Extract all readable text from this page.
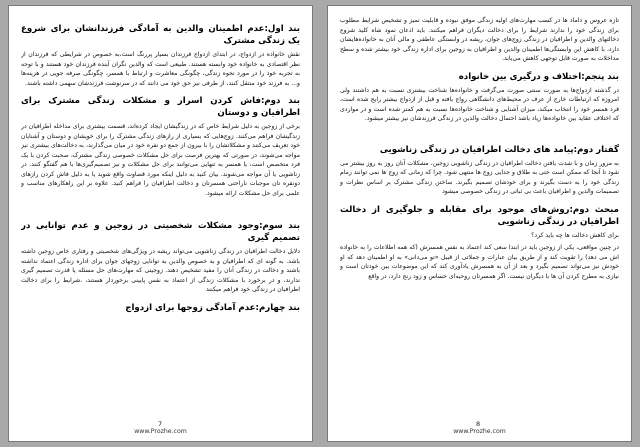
بند اول:عدم اطمینان والدین به آمادگی فرزندانشان برای شروع یک زندگی مشترک

نقش خانواده در ازدواج، در ابتدای ازدواج فرزندان بسیار پررنگ است،به خصوص در شرایطی که فرزندان از نظر اقتصادی به خانواده خود وابسته هستند. طبیعی است که والدین نگران آینده فرزندان خود هستند و با توجه به تجربه خود را در مورد نحوه زندگی، چگونگی معاشرت و ارتباط با همسر، چگونگی صرفه جویی در هزینه‌ها و... به فرزند خود منتقل کنند، از طرفی نیز حق خود می دانند که در سرنوشت فرزندشان سهمی داشته باشند.

بند دوم:فاش کردن اسرار و مشکلات زندگی مشترک برای اطرافیان و دوستان

برخی از زوجین به دلیل شرایط خاص که در زندگیشان ایجاد کرده‌اند، قسمت بیشتری برای مداخله اطرافیان در زندگیشان فراهم می‌کنند. زوج‌هایی که بسیاری از رازهای زندگی مشترک را برای خویشان و دوستان و آشنایان خود تعریف می‌کنند و مشکلاتشان را با بیرون از جمع دو نفره خود در میان می‌گذارند، به دخالت‌های بیشتری نیز مواجه می‌شوند، در صورتی که بهترین فرصت برای حل مشکلات خصوصی زندگی مشترک، صحبت کردن با یک فرد متخصص است، یا همسر به تنهایی می‌توانند برای حل مشکلات و نیز تصمیم‌گیری‌ها با هم گفتگو کنند. در زناشویی یا آن مواجه می‌شوند. بیان کنید به دلیل اینکه مورد قضاوت واقع شوید یا به دلیل فاش کردن رازهای دونفره تان موجبات ناراحتی همسرتان و دخالت اطرافیان را فراهم کنید. علاوه بر این راهکارهای مناسب و علمی برای حل مشکلات ارائه میشود.

بند سوم:وجود مشکلات شخصیتی در زوجین و عدم توانایی در تصمیم گیری

دلایل دخالت اطرافیان در زندگی زناشویی می‌تواند ریشه در ویژگی‌های شخصیتی و رفتاری خاص زوجین داشته باشد. به گونه ای که اطرافیان و به خصوص والدین به توانایی زوجهای جوان برای اداره زندگی اعتماد نداشته باشند و دخالت در زندگی آنان را مفید تشخیص دهند. زوجینی که مهارت‌های حل مسئله یا قدرت تصمیم گیری ندارند، و در برخورد با مشکلات زندگی از اعتماد به نفس پایینی برخوردار هستند، .شرایط را برای دخالت اطرافیان در زندگی خود فراهم میکنند

بند چهارم:عدم آمادگی زوجها برای ازدواج
7
www.Prozhe.com

تازه عروس و داماد ها در کسب مهارت‌های اولیه زندگی موفق نبوده و قابلیت تمیز و تشخیص شرایط مطلوب برای زندگی خود را ندارند شرایط را برای دخالت دیگران فراهم میکنند. باید اذعان نمود شاه کلید شروع دخالتهای والدین و اطرافیان در زندگی زوج‌های جوان، ریشه در وابستگی عاطفی و مالی آنان به خانواده‌هایشان دارد، با کاهش این وابستگی‌ها اطمینان والدین و اطرافیان به زوجین برای اداره زندگی خود بیشتر شده و سطح مداخلات به صورت قابل توجهی کاهش می‌یابد.

بند پنجم:اختلاف و درگیری بین خانواده

در گذشته ازدواج‌ها به صورت سنتی صورت می‌گرفت و خانواده‌ها شناخت بیشتری نسبت به هم داشتند ولی امروزه که ارتباطات خارج از عرف در محیط‌های دانشگاهی رواج یافته و قبل از ازدواج بیشتر رایج شده است، فرد همسر خود را انتخاب میکند، میزان آشنایی و شناخت خانواده‌ها نسبت به هم کمتر شده است و در مواردی که اختلاف عقاید بین خانواده‌ها زیاد باشد احتمال دخالت والدین در زندگی فرزندشان نیز بیشتر میشود.

گفتار دوم:پیامد های دخالت اطرافیان در زندگی زناشویی

به مرور زمان و با شدت یافتن دخالت اطرافیان در زندگی زناشویی زوجین، مشکلات آنان روز به روز بیشتر می شود تا آنجا که ممکن است حتی به طلاق و جدایی زوج ها منتهی شود. چرا که زمانی که زوج ها نمی توانند زمام زندگی خود را به دست بگیرند و برای خودشان تصمیم بگیرند. ساختن زندگی مشترک بر اساس نظرات و تصمیمات والدین و اطرافیان باعث بی ثباتی در زندگی خصوصی میشود

مبحث دوم:روش‌های موجود برای مقابله و جلوگیری از دخالت اطرافیان در زندگی زناشویی

برای کاهش دخالت ها چه باید کرد؟

در چنین مواقعی، یکی از زوجین باید در ابتدا سعی کند اعتماد به نفس همسرش (که همه اطلاعات را به خانواده اش می دهد) را تقویت کند و از طریق بیان عبارات و جملاتی از قبیل «تو می‌دانی» به او اطمینان دهد که او خودش نیز می‌تواند تصمیم بگیرد و بعد از آن به همسرش یادآوری کند که این موضوعات بین خودتان است و نیازی به مطرح کردن آن ها با دیگران نیست. اگر همسرتان روحیه‌ای حساس و زود رنج دارد، در واقع

8
www.Prozhe.com
